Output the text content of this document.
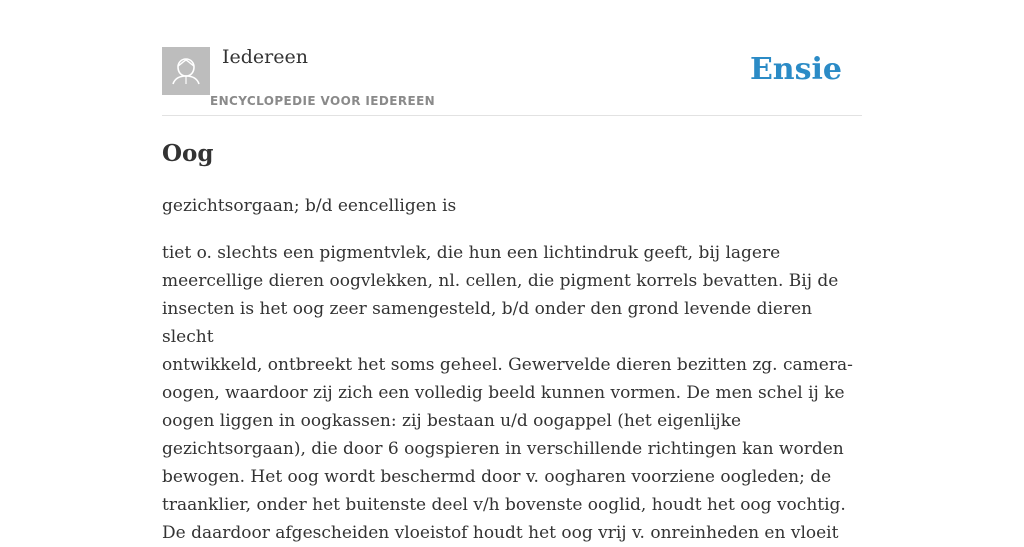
Iedereen
ENCYCLOPEDIE VOOR IEDEREEN
Ensie
Oog

gezichtsorgaan; b/d eencelligen is

tiet o. slechts een pigmentvlek, die hun een lichtindruk geeft, bij lagere
meercellige dieren oogvlekken, nl. cellen, die pigment korrels bevatten. Bij de
insecten is het oog zeer samengesteld, b/d onder den grond levende dieren slecht
ontwikkeld, ontbreekt het soms geheel. Gewervelde dieren bezitten zg. camera-
oogen, waardoor zij zich een volledig beeld kunnen vormen. De men schel ij ke
oogen liggen in oogkassen: zij bestaan u/d oogappel (het eigenlijke
gezichtsorgaan), die door 6 oogspieren in verschillende richtingen kan worden
bewogen. Het oog wordt beschermd door v. oogharen voorziene oogleden; de
traanklier, onder het buitenste deel v/h bovenste ooglid, houdt het oog vochtig.
De daardoor afgescheiden vloeistof houdt het oog vrij v. onreinheden en vloeit
